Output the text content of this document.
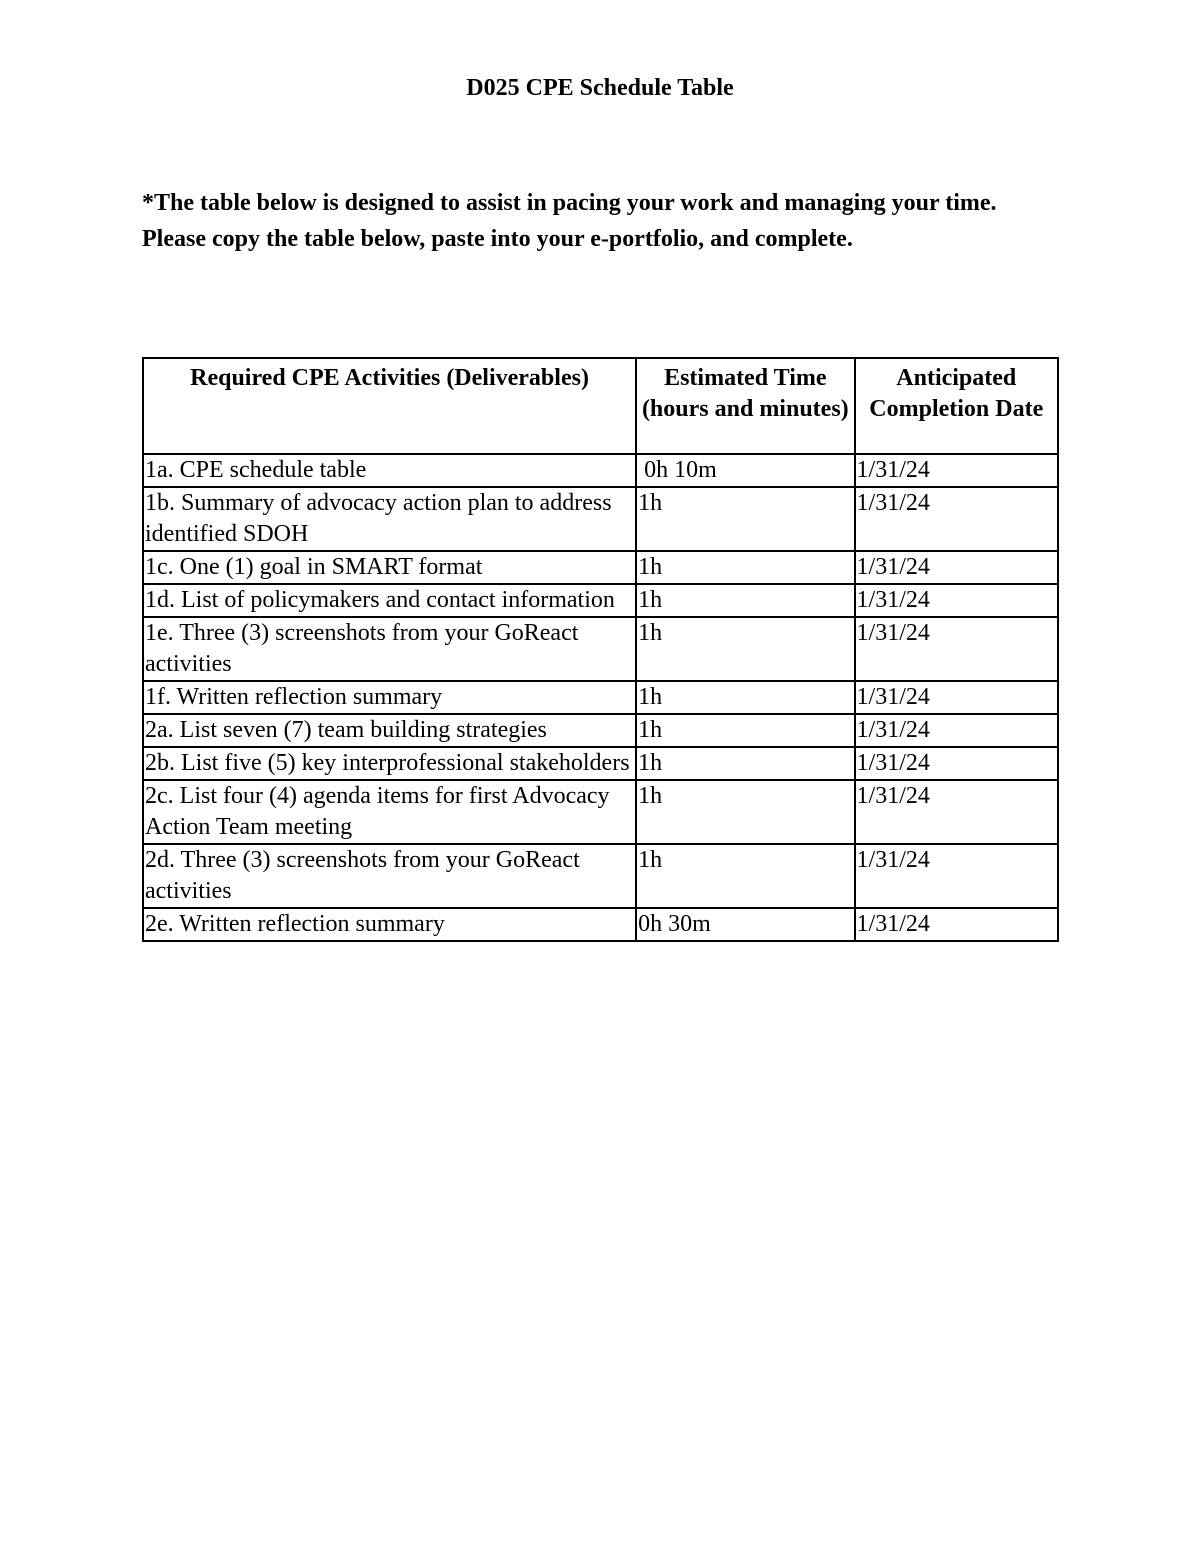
D025 CPE Schedule Table
*The table below is designed to assist in pacing your work and managing your time. Please copy the table below, paste into your e-portfolio, and complete.
Required CPE Activities (Deliverables)	Estimated Time (hours and minutes)	Anticipated Completion Date
1a. CPE schedule table	0h 10m	1/31/24
1b. Summary of advocacy action plan to address identified SDOH	1h	1/31/24
1c. One (1) goal in SMART format	1h	1/31/24
1d. List of policymakers and contact information	1h	1/31/24
1e. Three (3) screenshots from your GoReact activities	1h	1/31/24
1f. Written reflection summary	1h	1/31/24
2a. List seven (7) team building strategies	1h	1/31/24
2b. List five (5) key interprofessional stakeholders	1h	1/31/24
2c. List four (4) agenda items for first Advocacy Action Team meeting	1h	1/31/24
2d. Three (3) screenshots from your GoReact activities	1h	1/31/24
2e. Written reflection summary	0h 30m	1/31/24
